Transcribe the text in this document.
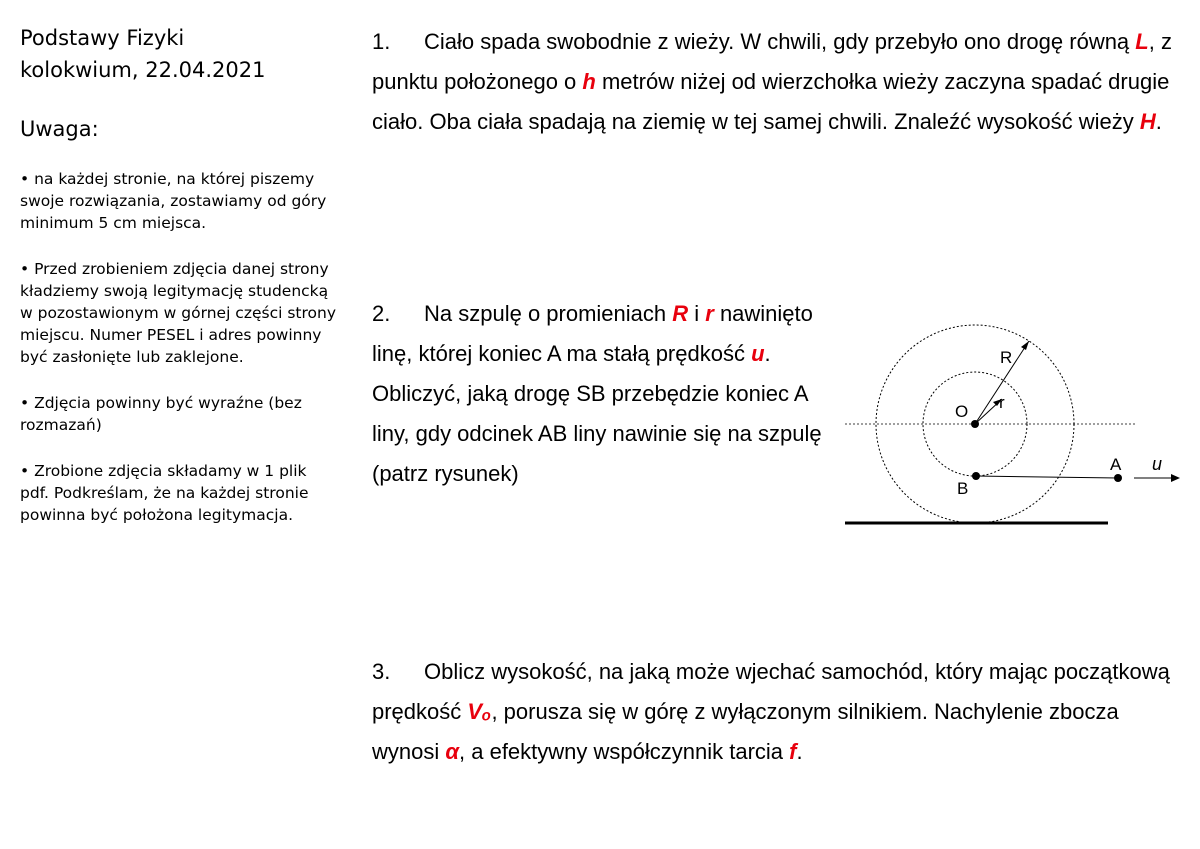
Podstawy Fizyki

kolokwium, 22.04.2021

Uwaga:
• na każdej stronie, na której piszemy swoje rozwiązania, zostawiamy od góry minimum 5 cm miejsca.
• Przed zrobieniem zdjęcia danej strony kładziemy swoją legitymację studencką w pozostawionym w górnej części strony miejscu. Numer PESEL i adres powinny być zasłonięte lub zaklejone.
• Zdjęcia powinny być wyraźne (bez rozmazań)
• Zrobione zdjęcia składamy w 1 plik pdf. Podkreślam, że na każdej stronie powinna być położona legitymacja.

1. Ciało spada swobodnie z wieży. W chwili, gdy przebyło ono drogę równą L, z punktu położonego o h metrów niżej od wierzchołka wieży zaczyna spadać drugie ciało. Oba ciała spadają na ziemię w tej samej chwili. Znaleźć wysokość wieży H.

2. Na szpulę o promieniach R i r nawinięto linę, której koniec A ma stałą prędkość u. Obliczyć, jaką drogę SB przebędzie koniec A liny, gdy odcinek AB liny nawinie się na szpulę (patrz rysunek)

3. Oblicz wysokość, na jaką może wjechać samochód, który mając początkową prędkość Vₒ, porusza się w górę z wyłączonym silnikiem. Nachylenie zbocza wynosi α, a efektywny współczynnik tarcia f.

R
r
O
B
A u
